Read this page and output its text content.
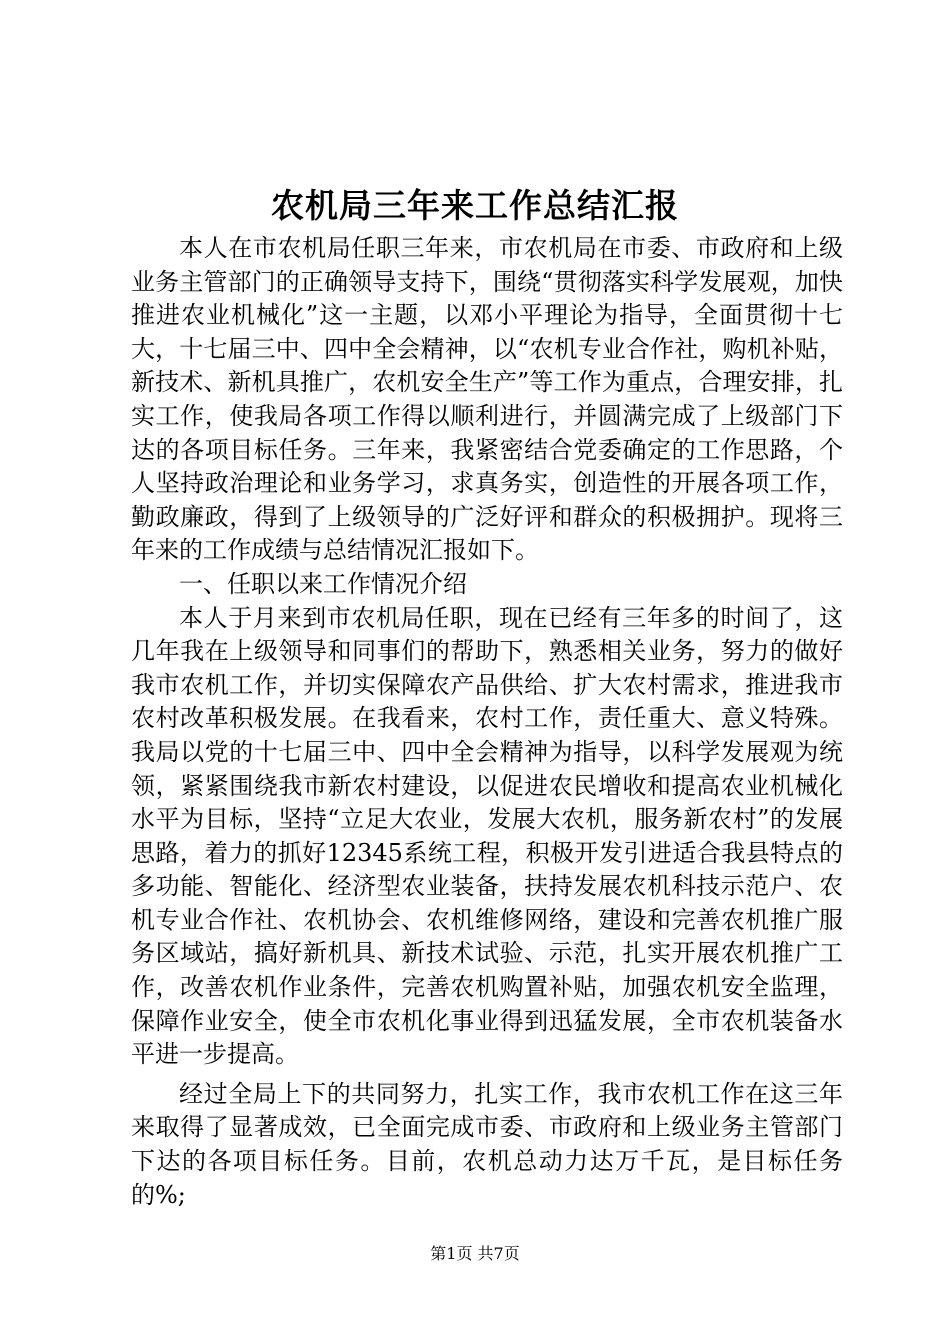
农机局三年来工作总结汇报

本人在市农机局任职三年来，市农机局在市委、市政府和上级业务主管部门的正确领导支持下，围绕“贯彻落实科学发展观，加快推进农业机械化”这一主题，以邓小平理论为指导，全面贯彻十七大，十七届三中、四中全会精神，以“农机专业合作社，购机补贴，新技术、新机具推广，农机安全生产”等工作为重点，合理安排，扎实工作，使我局各项工作得以顺利进行，并圆满完成了上级部门下达的各项目标任务。三年来，我紧密结合党委确定的工作思路，个人坚持政治理论和业务学习，求真务实，创造性的开展各项工作，勤政廉政，得到了上级领导的广泛好评和群众的积极拥护。现将三年来的工作成绩与总结情况汇报如下。

一、任职以来工作情况介绍

本人于月来到市农机局任职，现在已经有三年多的时间了，这几年我在上级领导和同事们的帮助下，熟悉相关业务，努力的做好我市农机工作，并切实保障农产品供给、扩大农村需求，推进我市农村改革积极发展。在我看来，农村工作，责任重大、意义特殊。我局以党的十七届三中、四中全会精神为指导，以科学发展观为统领，紧紧围绕我市新农村建设，以促进农民增收和提高农业机械化水平为目标，坚持“立足大农业，发展大农机，服务新农村”的发展思路，着力的抓好12345系统工程，积极开发引进适合我县特点的多功能、智能化、经济型农业装备，扶持发展农机科技示范户、农机专业合作社、农机协会、农机维修网络，建设和完善农机推广服务区域站，搞好新机具、新技术试验、示范，扎实开展农机推广工作，改善农机作业条件，完善农机购置补贴，加强农机安全监理，保障作业安全，使全市农机化事业得到迅猛发展，全市农机装备水平进一步提高。

经过全局上下的共同努力，扎实工作，我市农机工作在这三年来取得了显著成效，已全面完成市委、市政府和上级业务主管部门下达的各项目标任务。目前，农机总动力达万千瓦，是目标任务的%;

第1页 共7页
